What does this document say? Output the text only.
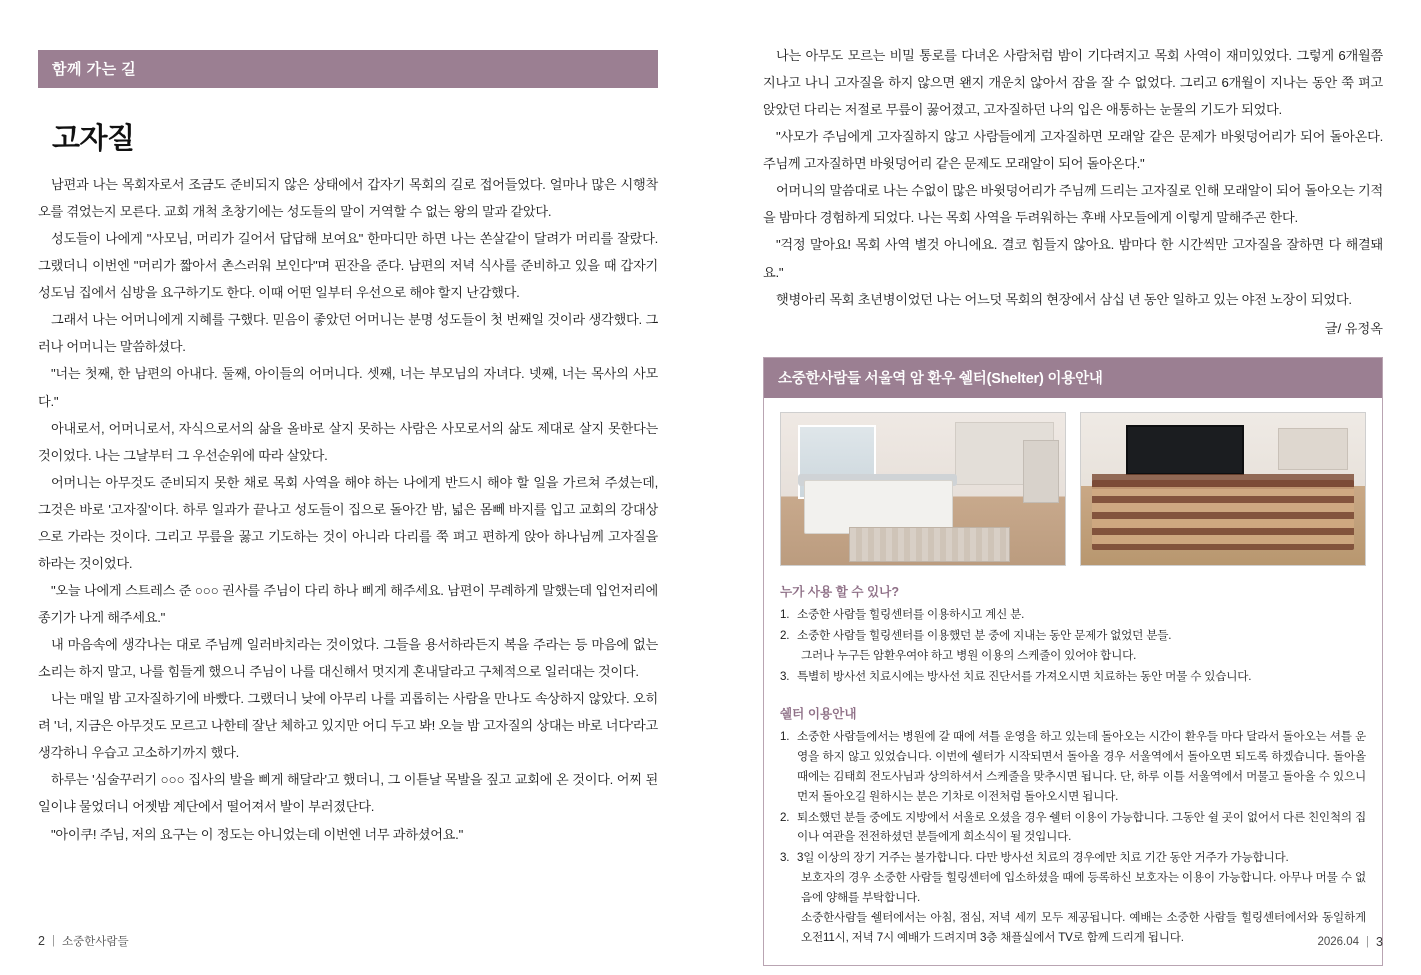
함께 가는 길
고자질

남편과 나는 목회자로서 조금도 준비되지 않은 상태에서 갑자기 목회의 길로 접어들었다. 얼마나 많은 시행착오를 겪었는지 모른다. 교회 개척 초창기에는 성도들의 말이 거역할 수 없는 왕의 말과 같았다.

성도들이 나에게 "사모님, 머리가 길어서 답답해 보여요" 한마디만 하면 나는 쏜살같이 달려가 머리를 잘랐다. 그랬더니 이번엔 "머리가 짧아서 촌스러워 보인다"며 핀잔을 준다. 남편의 저녁 식사를 준비하고 있을 때 갑자기 성도님 집에서 심방을 요구하기도 한다. 이때 어떤 일부터 우선으로 해야 할지 난감했다.

그래서 나는 어머니에게 지혜를 구했다. 믿음이 좋았던 어머니는 분명 성도들이 첫 번째일 것이라 생각했다. 그러나 어머니는 말씀하셨다.

"너는 첫째, 한 남편의 아내다. 둘째, 아이들의 어머니다. 셋째, 너는 부모님의 자녀다. 넷째, 너는 목사의 사모다."

아내로서, 어머니로서, 자식으로서의 삶을 올바로 살지 못하는 사람은 사모로서의 삶도 제대로 살지 못한다는 것이었다. 나는 그날부터 그 우선순위에 따라 살았다.

어머니는 아무것도 준비되지 못한 채로 목회 사역을 해야 하는 나에게 반드시 해야 할 일을 가르쳐 주셨는데, 그것은 바로 '고자질'이다. 하루 일과가 끝나고 성도들이 집으로 돌아간 밤, 넓은 몸뻬 바지를 입고 교회의 강대상으로 가라는 것이다. 그리고 무릎을 꿇고 기도하는 것이 아니라 다리를 쭉 펴고 편하게 앉아 하나님께 고자질을 하라는 것이었다.

"오늘 나에게 스트레스 준 ○○○ 권사를 주님이 다리 하나 삐게 해주세요. 남편이 무례하게 말했는데 입언저리에 종기가 나게 해주세요."

내 마음속에 생각나는 대로 주님께 일러바치라는 것이었다. 그들을 용서하라든지 복을 주라는 등 마음에 없는 소리는 하지 말고, 나를 힘들게 했으니 주님이 나를 대신해서 멋지게 혼내달라고 구체적으로 일러대는 것이다.

나는 매일 밤 고자질하기에 바빴다. 그랬더니 낮에 아무리 나를 괴롭히는 사람을 만나도 속상하지 않았다. 오히려 '너, 지금은 아무것도 모르고 나한테 잘난 체하고 있지만 어디 두고 봐! 오늘 밤 고자질의 상대는 바로 너다'라고 생각하니 우습고 고소하기까지 했다.

하루는 '심술꾸러기 ○○○ 집사의 발을 삐게 해달라'고 했더니, 그 이튿날 목발을 짚고 교회에 온 것이다. 어찌 된 일이냐 물었더니 어젯밤 계단에서 떨어져서 발이 부러졌단다.

"아이쿠! 주님, 저의 요구는 이 정도는 아니었는데 이번엔 너무 과하셨어요."

나는 아무도 모르는 비밀 통로를 다녀온 사람처럼 밤이 기다려지고 목회 사역이 재미있었다. 그렇게 6개월쯤 지나고 나니 고자질을 하지 않으면 왠지 개운치 않아서 잠을 잘 수 없었다. 그리고 6개월이 지나는 동안 쭉 펴고 앉았던 다리는 저절로 무릎이 꿇어졌고, 고자질하던 나의 입은 애통하는 눈물의 기도가 되었다.

"사모가 주님에게 고자질하지 않고 사람들에게 고자질하면 모래알 같은 문제가 바윗덩어리가 되어 돌아온다. 주님께 고자질하면 바윗덩어리 같은 문제도 모래알이 되어 돌아온다."

어머니의 말씀대로 나는 수없이 많은 바윗덩어리가 주님께 드리는 고자질로 인해 모래알이 되어 돌아오는 기적을 밤마다 경험하게 되었다. 나는 목회 사역을 두려워하는 후배 사모들에게 이렇게 말해주곤 한다.

"걱정 말아요! 목회 사역 별것 아니에요. 결코 힘들지 않아요. 밤마다 한 시간씩만 고자질을 잘하면 다 해결돼요."

햇병아리 목회 초년병이었던 나는 어느덧 목회의 현장에서 삼십 년 동안 일하고 있는 야전 노장이 되었다.

글/ 유정옥
소중한사람들 서울역 암 환우 쉘터(Shelter) 이용안내
누가 사용 할 수 있나?
1. 소중한 사람들 힐링센터를 이용하시고 계신 분.
2. 소중한 사람들 힐링센터를 이용했던 분 중에 지내는 동안 문제가 없었던 분들.
그러나 누구든 암환우여야 하고 병원 이용의 스케줄이 있어야 합니다.
3. 특별히 방사선 치료시에는 방사선 치료 진단서를 가져오시면 치료하는 동안 머물 수 있습니다.
쉘터 이용안내
1. 소중한 사람들에서는 병원에 갈 때에 셔틀 운영을 하고 있는데 돌아오는 시간이 환우들 마다 달라서 돌아오는 셔틀 운영을 하지 않고 있었습니다. 이번에 쉘터가 시작되면서 돌아올 경우 서울역에서 돌아오면 되도록 하겠습니다. 돌아올 때에는 김태희 전도사님과 상의하셔서 스케줄을 맞추시면 됩니다. 단, 하루 이틀 서울역에서 머물고 돌아올 수 있으니 먼저 돌아오길 원하시는 분은 기차로 이전처럼 돌아오시면 됩니다.
2. 퇴소했던 분들 중에도 지방에서 서울로 오셨을 경우 쉘터 이용이 가능합니다. 그동안 쉴 곳이 없어서 다른 친인척의 집이나 여관을 전전하셨던 분들에게 희소식이 될 것입니다.
3. 3일 이상의 장기 거주는 불가합니다. 다만 방사선 치료의 경우에만 치료 기간 동안 거주가 가능합니다.
보호자의 경우 소중한 사람들 힐링센터에 입소하셨을 때에 등록하신 보호자는 이용이 가능합니다. 아무나 머물 수 없음에 양해를 부탁합니다.
소중한사람들 쉘터에서는 아침, 점심, 저녁 세끼 모두 제공됩니다. 예배는 소중한 사람들 힐링센터에서와 동일하게 오전11시, 저녁 7시 예배가 드려지며 3층 채플실에서 TV로 함께 드리게 됩니다.
2 | 소중한사람들	2026.04 | 3
